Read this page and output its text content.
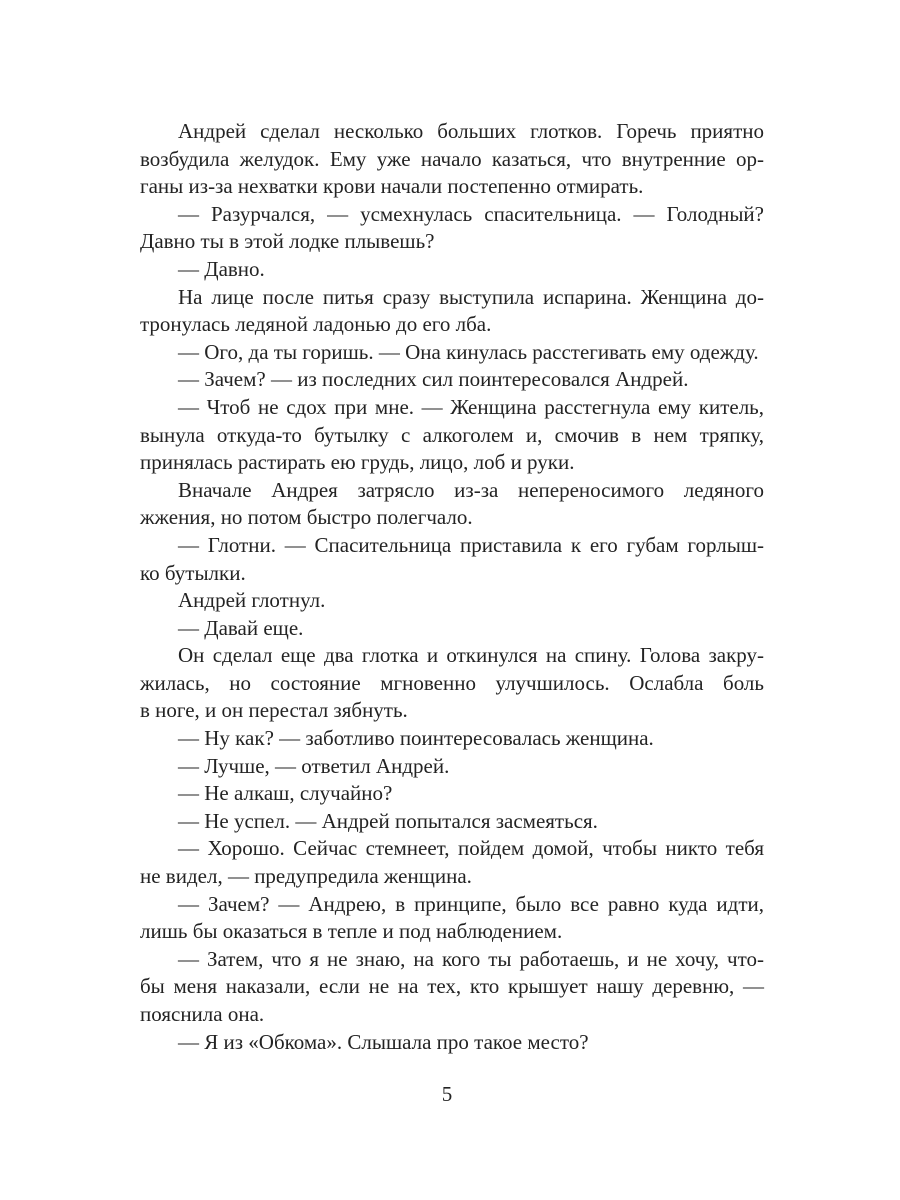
Андрей сделал несколько больших глотков. Горечь приятно
возбудила желудок. Ему уже начало казаться, что внутренние ор-
ганы из-за нехватки крови начали постепенно отмирать.
— Разурчался, — усмехнулась спасительница. — Голодный?
Давно ты в этой лодке плывешь?
— Давно.
На лице после питья сразу выступила испарина. Женщина до-
тронулась ледяной ладонью до его лба.
— Ого, да ты горишь. — Она кинулась расстегивать ему одежду.
— Зачем? — из последних сил поинтересовался Андрей.
— Чтоб не сдох при мне. — Женщина расстегнула ему китель,
вынула откуда-то бутылку с алкоголем и, смочив в нем тряпку,
принялась растирать ею грудь, лицо, лоб и руки.
Вначале Андрея затрясло из-за непереносимого ледяного
жжения, но потом быстро полегчало.
— Глотни. — Спасительница приставила к его губам горлыш-
ко бутылки.
Андрей глотнул.
— Давай еще.
Он сделал еще два глотка и откинулся на спину. Голова закру-
жилась, но состояние мгновенно улучшилось. Ослабла боль
в ноге, и он перестал зябнуть.
— Ну как? — заботливо поинтересовалась женщина.
— Лучше, — ответил Андрей.
— Не алкаш, случайно?
— Не успел. — Андрей попытался засмеяться.
— Хорошо. Сейчас стемнеет, пойдем домой, чтобы никто тебя
не видел, — предупредила женщина.
— Зачем? — Андрею, в принципе, было все равно куда идти,
лишь бы оказаться в тепле и под наблюдением.
— Затем, что я не знаю, на кого ты работаешь, и не хочу, что-
бы меня наказали, если не на тех, кто крышует нашу деревню, —
пояснила она.
— Я из «Обкома». Слышала про такое место?
5
